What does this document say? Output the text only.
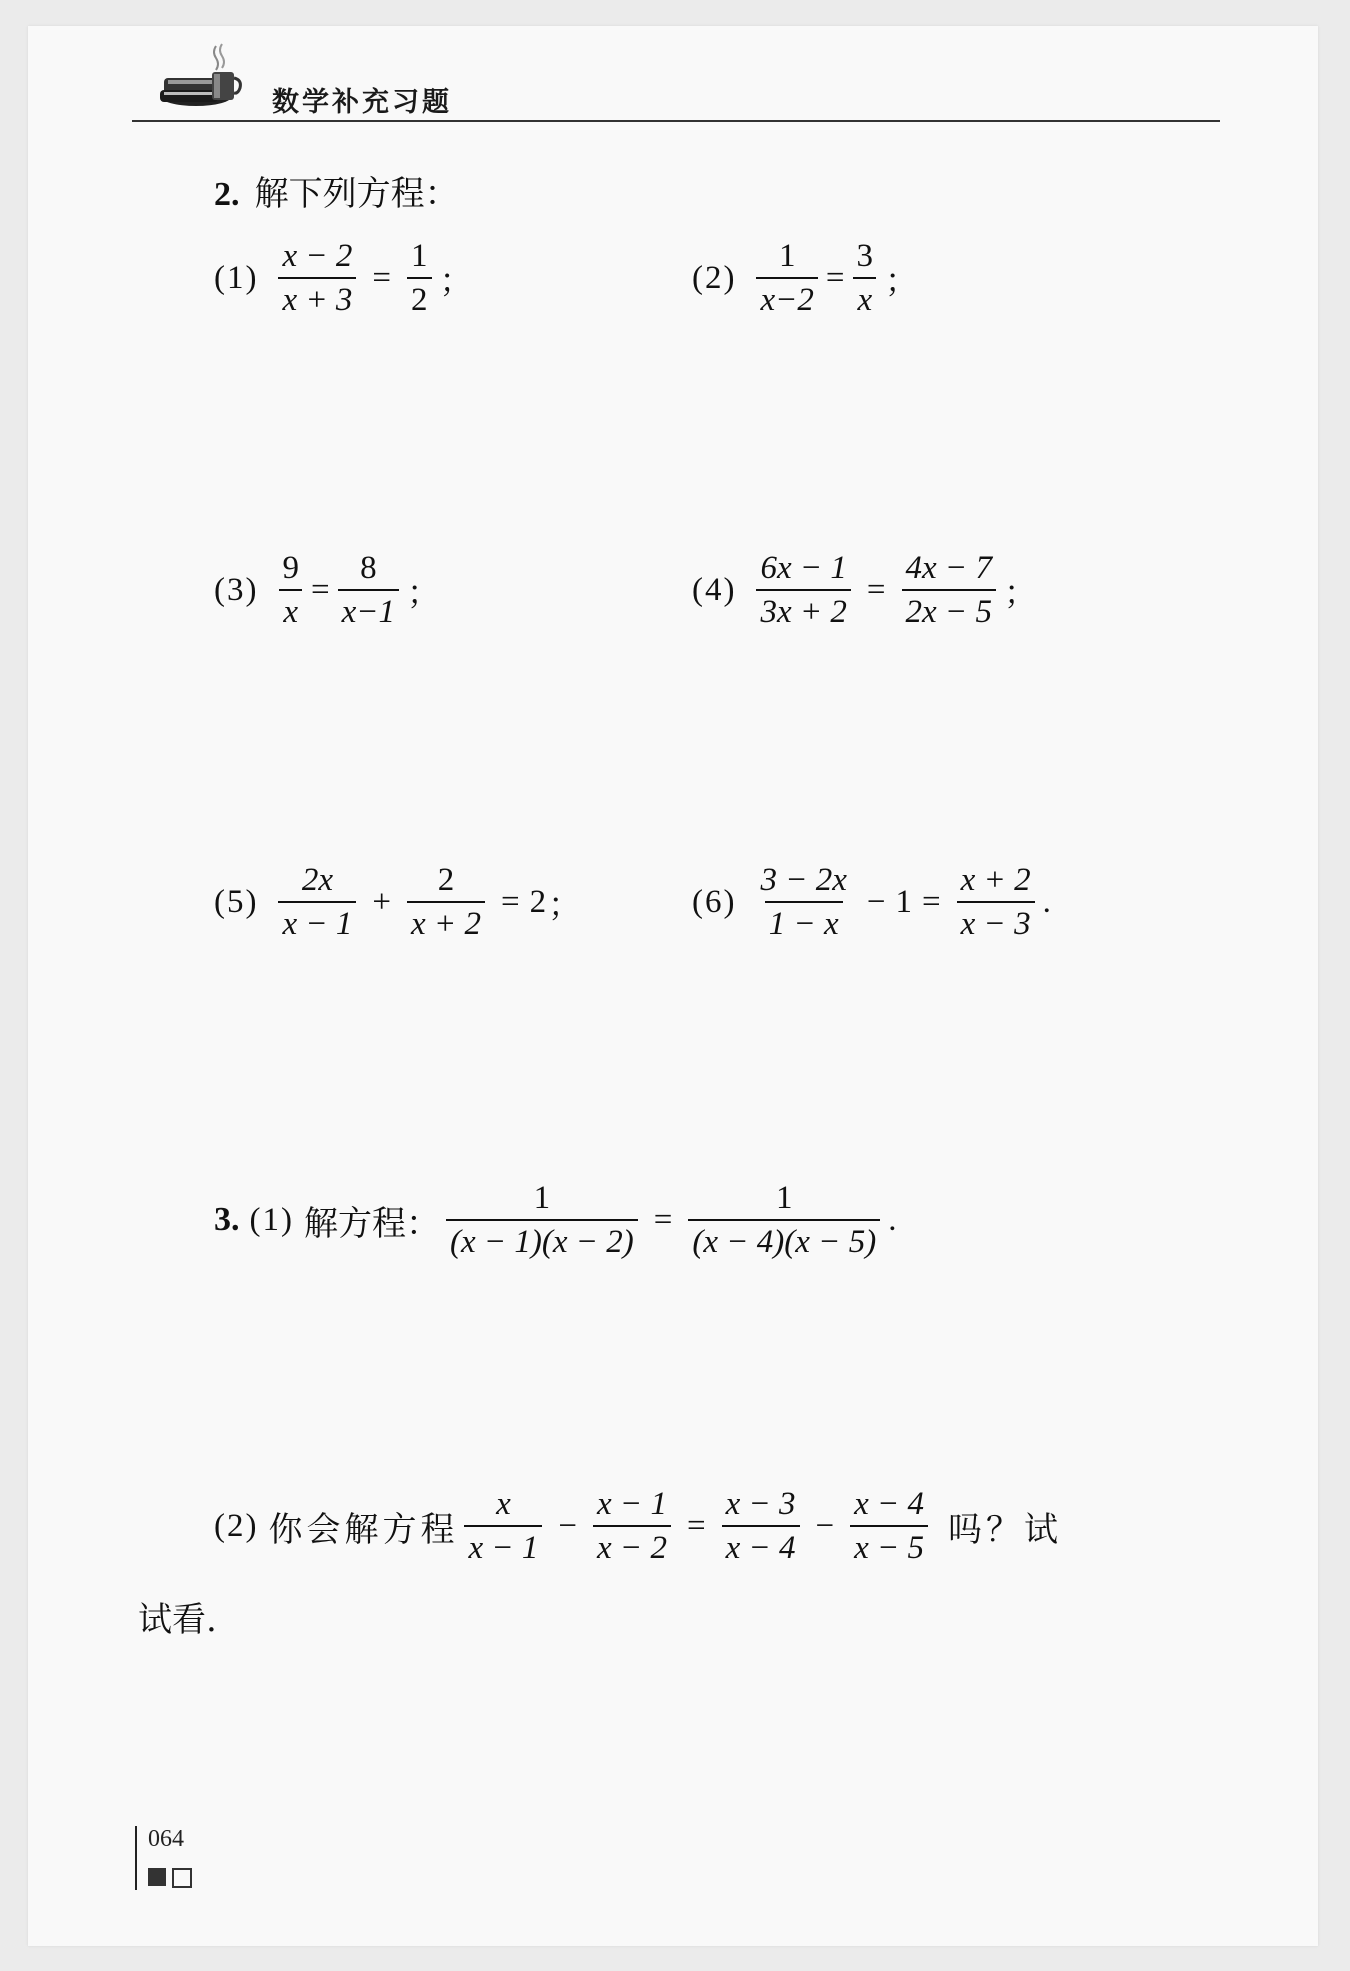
数学补充习题
2. 解下列方程：
$(1) \frac{x - 2}{x + 3} = \frac{1}{2}$ ；	$(2) \frac{1}{x-2} = \frac{3}{x}$ ；
$(3) \frac{9}{x} = \frac{8}{x-1}$ ；	$(4) \frac{6x - 1}{3x + 2} = \frac{4x - 7}{2x - 5}$ ；
$(5) \frac{2x}{x - 1} + \frac{2}{x + 2} = 2$ ；	$(6) \frac{3 - 2x}{1 - x} - 1 = \frac{x + 2}{x - 3}$ .
3. (1) 解方程： $\frac{1}{(x - 1)(x - 2)} = \frac{1}{(x - 4)(x - 5)}$ .
(2) 你会解方程 $\frac{x}{x - 1} - \frac{x - 1}{x - 2} = \frac{x - 3}{x - 4} - \frac{x - 4}{x - 5}$ 吗？试
试看.
064
